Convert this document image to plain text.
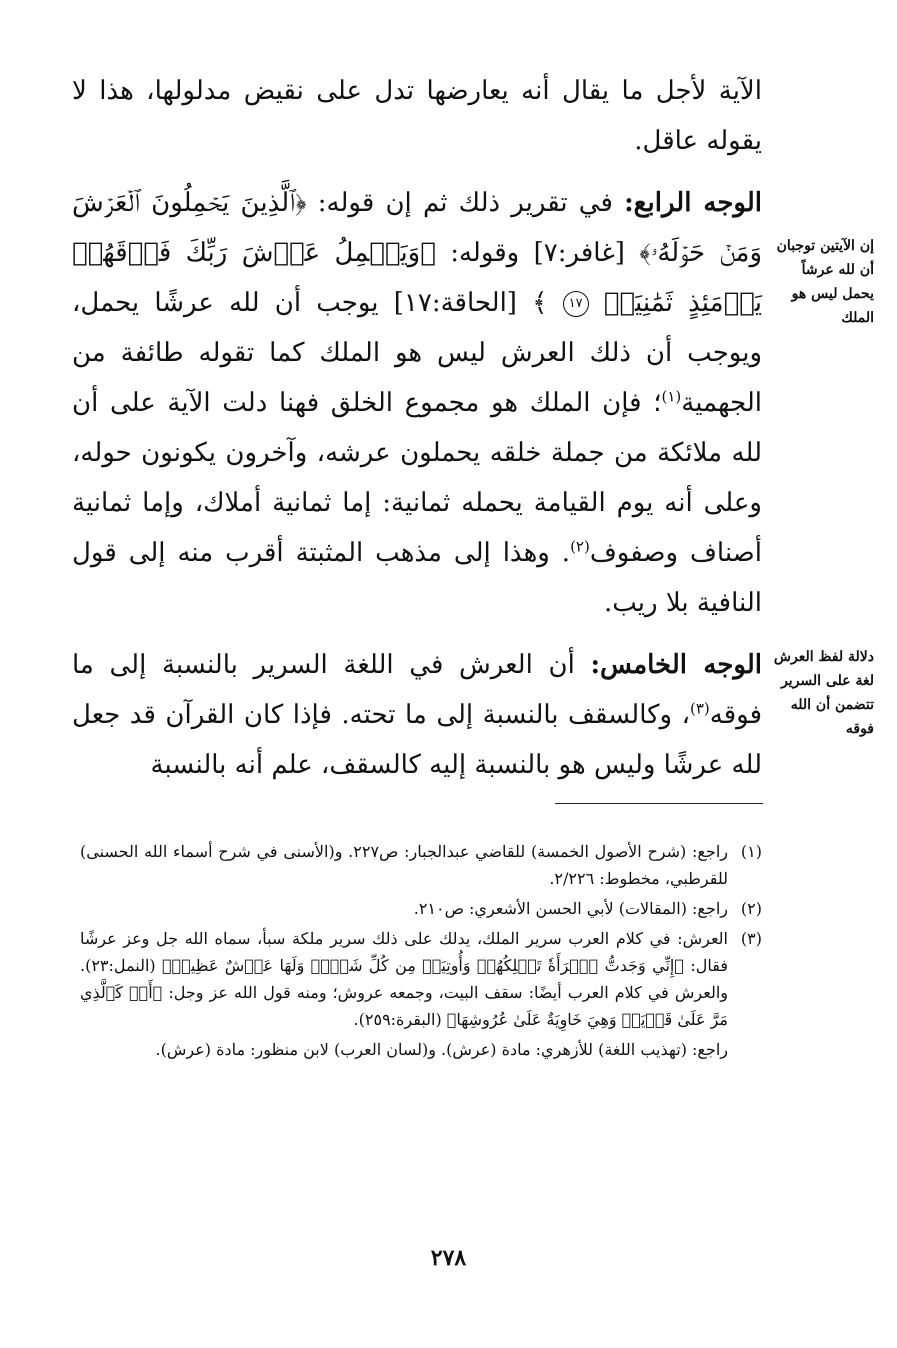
الآية لأجل ما يقال أنه يعارضها تدل على نقيض مدلولها، هذا لا يقوله عاقل.

الوجه الرابع: في تقرير ذلك ثم إن قوله: ﴿ٱلَّذِينَ يَحۡمِلُونَ ٱلۡعَرۡشَ وَمَنۡ حَوۡلَهُۥ﴾ [غافر:٧] وقوله: ﴿وَيَحۡمِلُ عَرۡشَ رَبِّكَ فَوۡقَهُمۡ يَوۡمَئِذٍ ثَمَٰنِيَةٞ ١٧ ﴾ [الحاقة:١٧] يوجب أن لله عرشًا يحمل، ويوجب أن ذلك العرش ليس هو الملك كما تقوله طائفة من الجهمية$^{(١)}$؛ فإن الملك هو مجموع الخلق فهنا دلت الآية على أن لله ملائكة من جملة خلقه يحملون عرشه، وآخرون يكونون حوله، وعلى أنه يوم القيامة يحمله ثمانية: إما ثمانية أملاك، وإما ثمانية أصناف وصفوف$^{(٢)}$. وهذا إلى مذهب المثبتة أقرب منه إلى قول النافية بلا ريب.

الوجه الخامس: أن العرش في اللغة السرير بالنسبة إلى ما فوقه$^{(٣)}$، وكالسقف بالنسبة إلى ما تحته. فإذا كان القرآن قد جعل لله عرشًا وليس هو بالنسبة إليه كالسقف، علم أنه بالنسبة

إن الآيتين توجبان أن لله عرشاً يحمل ليس هو الملك
دلالة لفظ العرش لغة على السرير تتضمن أن الله فوقه
(١)
راجع: (شرح الأصول الخمسة) للقاضي عبدالجبار: ص٢٢٧. و(الأسنى في شرح أسماء الله الحسنى) للقرطبي، مخطوط: ٢/٢٢٦.
(٢)
راجع: (المقالات) لأبي الحسن الأشعري: ص٢١٠.
(٣)
العرش: في كلام العرب سرير الملك، يدلك على ذلك سرير ملكة سبأ، سماه الله جل وعز عرشًا فقال: ﴿إِنِّي وَجَدتُّ ٱمۡرَأَةٗ تَمۡلِكُهُمۡ وَأُوتِيَتۡ مِن كُلِّ شَيۡءٖ وَلَهَا عَرۡشٌ عَظِيمٞ﴾ (النمل:٢٣). والعرش في كلام العرب أيضًا: سقف البيت، وجمعه عروش؛ ومنه قول الله عز وجل: ﴿أَوۡ كَٱلَّذِي مَرَّ عَلَىٰ قَرۡيَةٖ وَهِيَ خَاوِيَةٌ عَلَىٰ عُرُوشِهَا﴾ (البقرة:٢٥٩).
راجع: (تهذيب اللغة) للأزهري: مادة (عرش). و(لسان العرب) لابن منظور: مادة (عرش).
٢٧٨
